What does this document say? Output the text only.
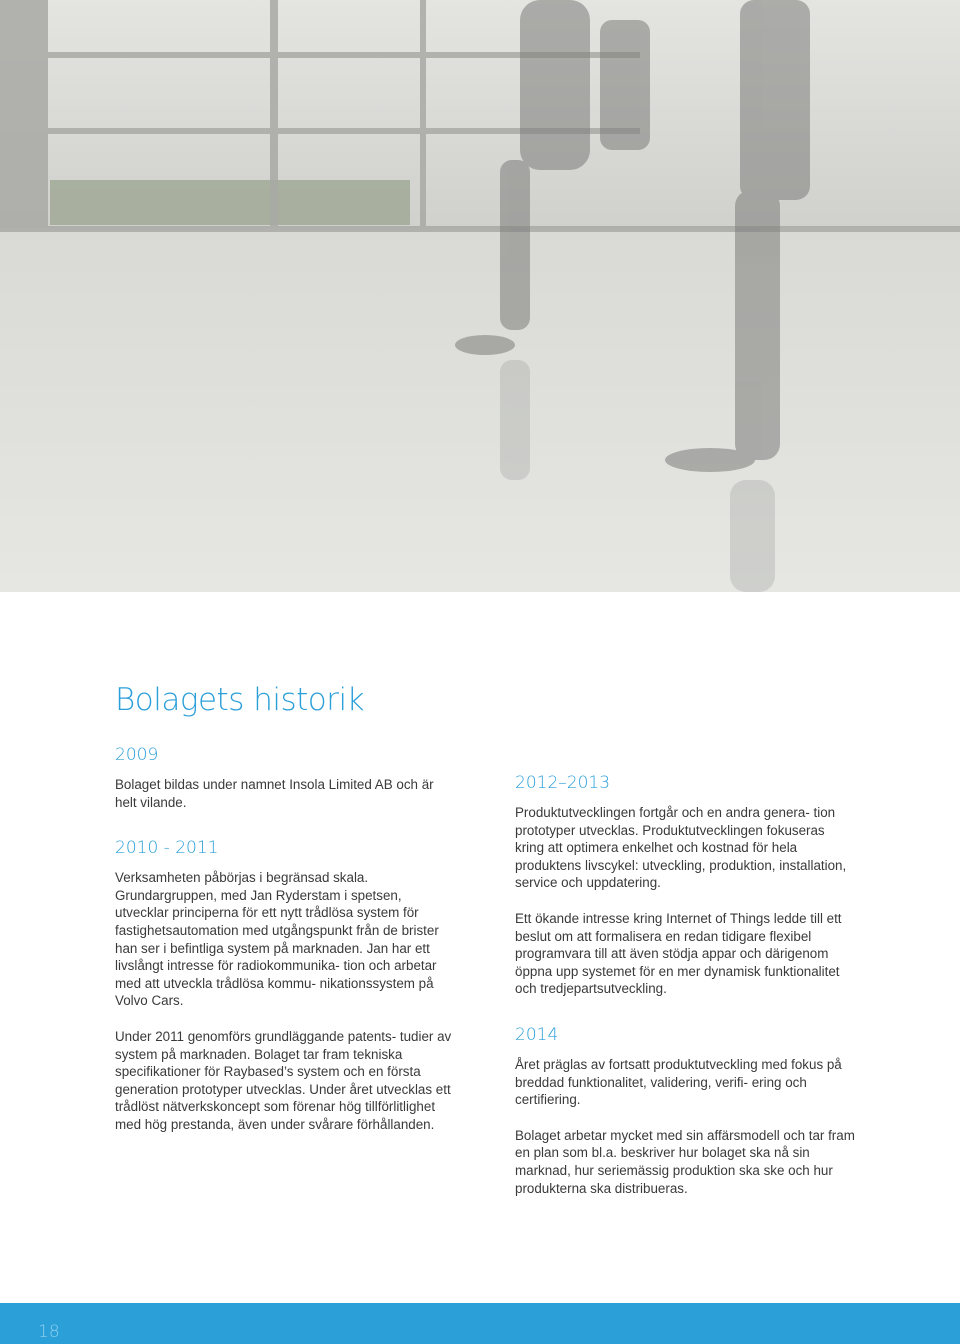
Bolagets historik
2009

Bolaget bildas under namnet Insola Limited AB och är helt vilande.

2010 - 2011

Verksamheten påbörjas i begränsad skala. Grundargruppen, med Jan Ryderstam i spetsen, utvecklar principerna för ett nytt trådlösa system för fastighetsautomation med utgångspunkt från de brister han ser i befintliga system på marknaden. Jan har ett livslångt intresse för radiokommunika- tion och arbetar med att utveckla trådlösa kommu- nikationssystem på Volvo Cars.

Under 2011 genomförs grundläggande patents- tudier av system på marknaden. Bolaget tar fram tekniska specifikationer för Raybased’s system och en första generation prototyper utvecklas. Under året utvecklas ett trådlöst nätverkskoncept som förenar hög tillförlitlighet med hög prestanda, även under svårare förhållanden.

2012–2013

Produktutvecklingen fortgår och en andra genera- tion prototyper utvecklas. Produktutvecklingen fokuseras kring att optimera enkelhet och kostnad för hela produktens livscykel: utveckling, produktion, installation, service och uppdatering.

Ett ökande intresse kring Internet of Things ledde till ett beslut om att formalisera en redan tidigare flexibel programvara till att även stödja appar och därigenom öppna upp systemet för en mer dynamisk funktionalitet och tredjepartsutveckling.

2014

Året präglas av fortsatt produktutveckling med fokus på breddad funktionalitet, validering, verifi- ering och certifiering.

Bolaget arbetar mycket med sin affärsmodell och tar fram en plan som bl.a. beskriver hur bolaget ska nå sin marknad, hur seriemässig produktion ska ske och hur produkterna ska distribueras.

18
